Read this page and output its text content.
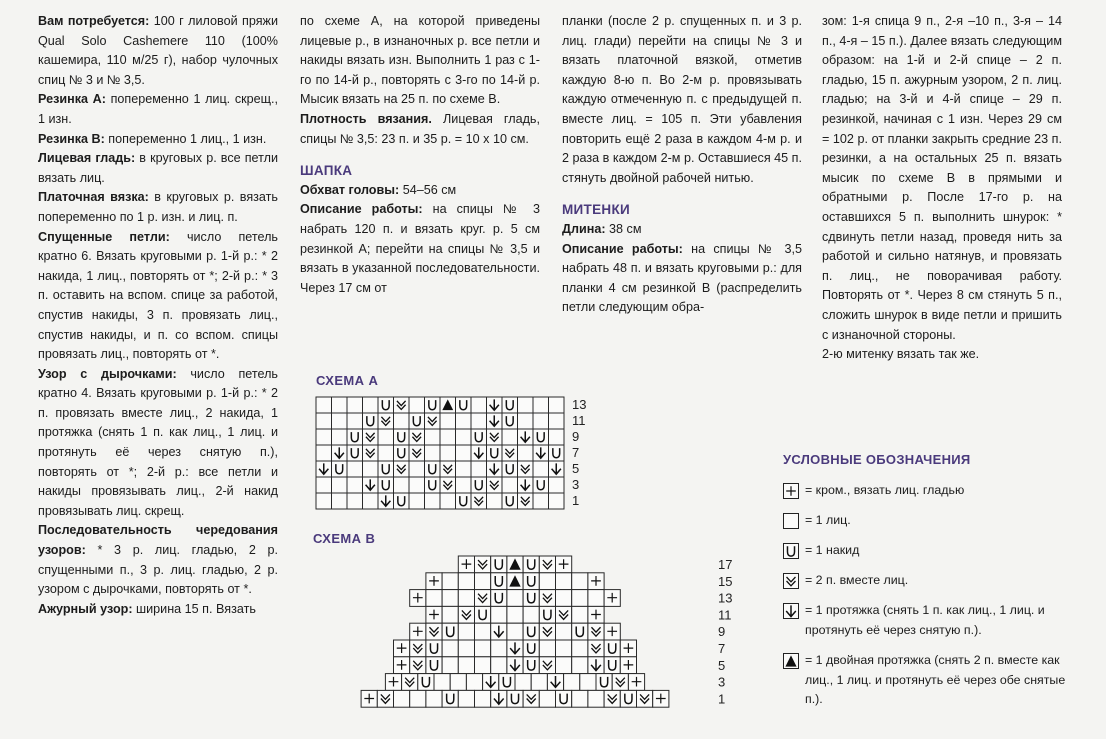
Вам потребуется: 100 г лиловой пряжи Qual Solo Cashemere 110 (100% кашемира, 110 м/25 г), набор чулочных спиц № 3 и № 3,5.

Резинка А: попеременно 1 лиц. скрещ., 1 изн.

Резинка В: попеременно 1 лиц., 1 изн.

Лицевая гладь: в круговых р. все петли вязать лиц.

Платочная вязка: в круговых р. вязать попеременно по 1 р. изн. и лиц. п.

Спущенные петли: число петель кратно 6. Вязать круговыми р. 1-й р.: * 2 накида, 1 лиц., повторять от *; 2-й р.: * 3 п. оставить на вспом. спице за работой, спустив накиды, 3 п. провязать лиц., спустив накиды, и п. со вспом. спицы провязать лиц., повторять от *.

Узор с дырочками: число петель кратно 4. Вязать круговыми р. 1-й р.: * 2 п. провязать вместе лиц., 2 накида, 1 протяжка (снять 1 п. как лиц., 1 лиц. и протянуть её через снятую п.), повторять от *; 2-й р.: все петли и накиды провязывать лиц., 2-й накид провязывать лиц. скрещ.

Последовательность чередования узоров: * 3 р. лиц. гладью, 2 р. спущенными п., 3 р. лиц. гладью, 2 р. узором с дырочками, повторять от *.

Ажурный узор: ширина 15 п. Вязать

по схеме А, на которой приведены лицевые р., в изнаночных р. все петли и накиды вязать изн. Выполнить 1 раз с 1-го по 14-й р., повторять с 3-го по 14-й р. Мысик вязать на 25 п. по схеме В.

Плотность вязания. Лицевая гладь, спицы № 3,5: 23 п. и 35 р. = 10 х 10 см.

ШАПКА

Обхват головы: 54–56 см

Описание работы: на спицы № 3 набрать 120 п. и вязать круг. р. 5 см резинкой А; перейти на спицы № 3,5 и вязать в указанной последовательности. Через 17 см от

планки (после 2 р. спущенных п. и 3 р. лиц. глади) перейти на спицы № 3 и вязать платочной вязкой, отметив каждую 8-ю п. Во 2-м р. провязывать каждую отмеченную п. с предыдущей п. вместе лиц. = 105 п. Эти убавления повторить ещё 2 раза в каждом 4-м р. и 2 раза в каждом 2-м р. Оставшиеся 45 п. стянуть двойной рабочей нитью.

МИТЕНКИ

Длина: 38 см

Описание работы: на спицы № 3,5 набрать 48 п. и вязать круговыми р.: для планки 4 см резинкой В (распределить петли следующим обра-

зом: 1-я спица 9 п., 2-я –10 п., 3-я – 14 п., 4-я – 15 п.). Далее вязать следующим образом: на 1-й и 2-й спице – 2 п. гладью, 15 п. ажурным узором, 2 п. лиц. гладью; на 3-й и 4-й спице – 29 п. резинкой, начиная с 1 изн. Через 29 см = 102 р. от планки закрыть средние 23 п. резинки, а на остальных 25 п. вязать мысик по схеме В в прямыми и обратными р. После 17-го р. на оставшихся 5 п. выполнить шнурок: * сдвинуть петли назад, проведя нить за работой и сильно натянув, и провязать п. лиц., не поворачивая работу. Повторять от *. Через 8 см стянуть 5 п., сложить шнурок в виде петли и пришить с изнаночной стороны.

2-ю митенку вязать так же.

СХЕМА А
13
11
9
7
5
3
1
СХЕМА В
17
15
13
11
9
7
5
3
1
УСЛОВНЫЕ ОБОЗНАЧЕНИЯ
= кром., вязать лиц. гладью
= 1 лиц.
= 1 накид
= 2 п. вместе лиц.
= 1 протяжка (снять 1 п. как лиц., 1 лиц. и протянуть её через снятую п.).
= 1 двойная протяжка (снять 2 п. вместе как лиц., 1 лиц. и протянуть её через обе снятые п.).
